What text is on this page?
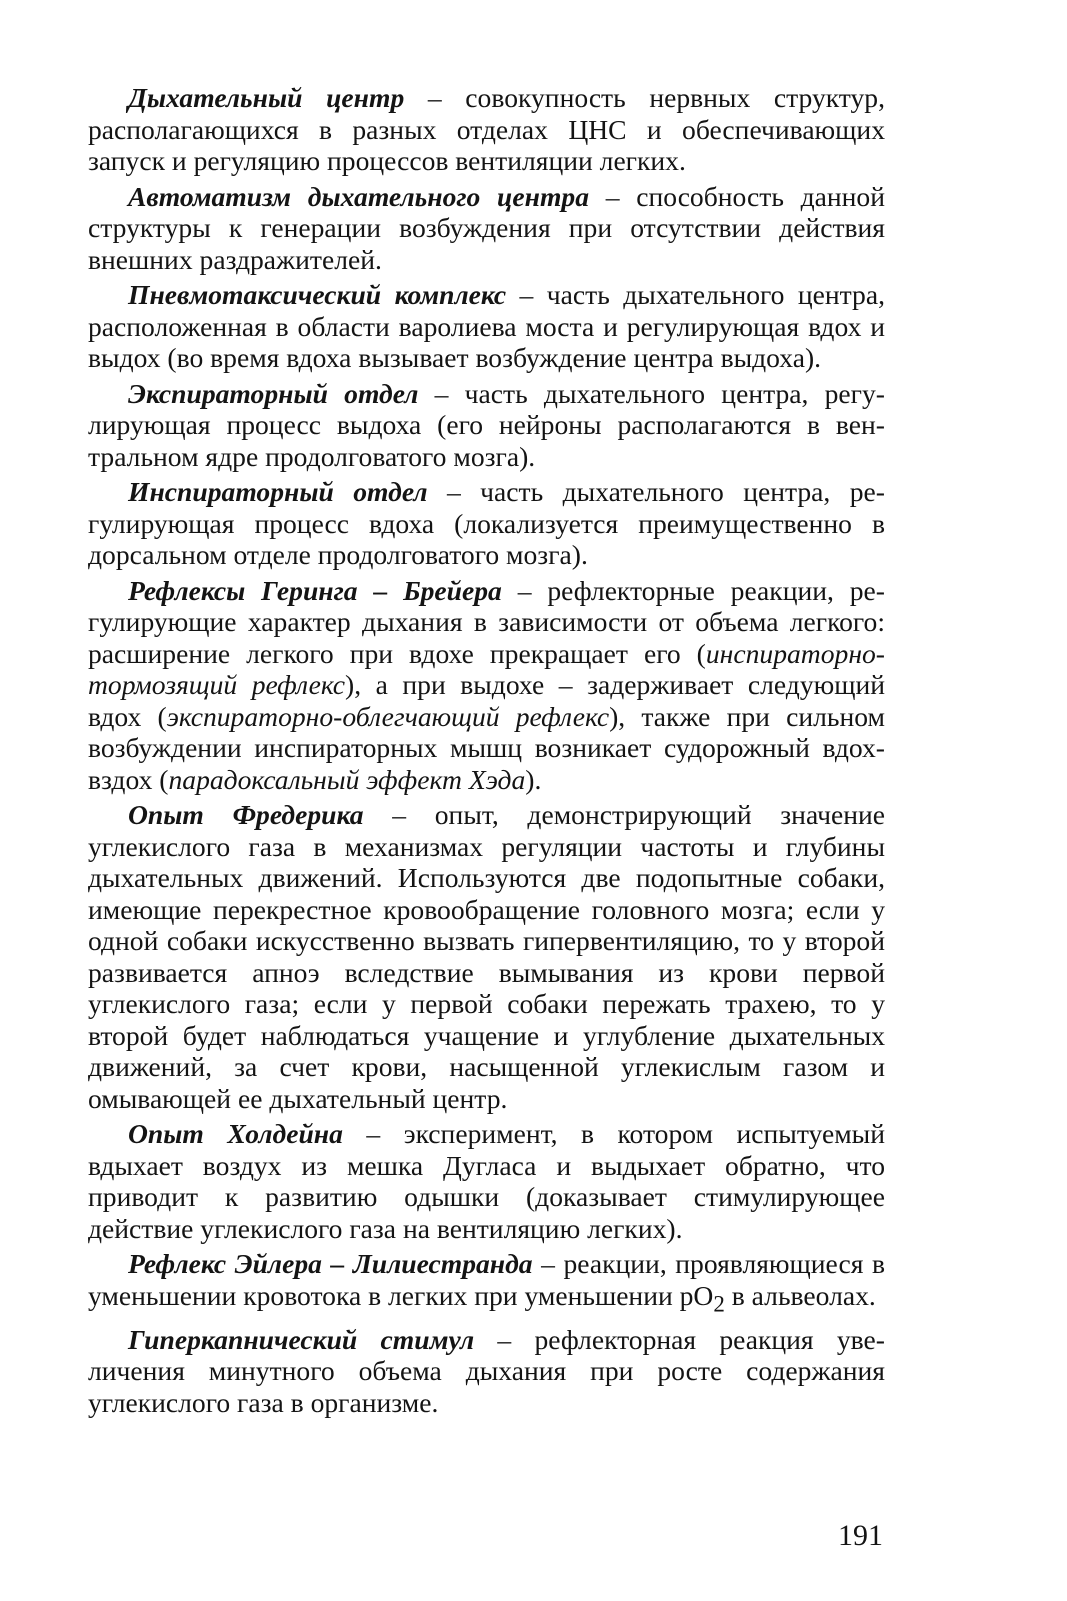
Дыхательный центр – совокупность нервных структур, располагающихся в разных отделах ЦНС и обеспечивающих запуск и регуляцию процессов вентиляции легких.

Автоматизм дыхательного центра – способность данной структуры к генерации возбуждения при отсутствии действия внешних раздражителей.

Пневмотаксический комплекс – часть дыхательного центра, расположенная в области варолиева моста и регулирующая вдох и выдох (во время вдоха вызывает возбуждение центра выдоха).

Экспираторный отдел – часть дыхательного центра, регулирующая процесс выдоха (его нейроны располагаются в вентральном ядре продолговатого мозга).

Инспираторный отдел – часть дыхательного центра, регулирующая процесс вдоха (локализуется преимущественно в дорсальном отделе продолговатого мозга).

Рефлексы Геринга – Брейера – рефлекторные реакции, регулирующие характер дыхания в зависимости от объема легкого: расширение легкого при вдохе прекращает его (инспираторно-тормозящий рефлекс), а при выдохе – задерживает следующий вдох (экспираторно-облегчающий рефлекс), также при сильном возбуждении инспираторных мышц возникает судорожный вдох-вздох (парадоксальный эффект Хэда).

Опыт Фредерика – опыт, демонстрирующий значение углекислого газа в механизмах регуляции частоты и глубины дыхательных движений. Используются две подопытные собаки, имеющие перекрестное кровообращение головного мозга; если у одной собаки искусственно вызвать гипервентиляцию, то у второй развивается апноэ вследствие вымывания из крови первой углекислого газа; если у первой собаки пережать трахею, то у второй будет наблюдаться учащение и углубление дыхательных движений, за счет крови, насыщенной углекислым газом и омывающей ее дыхательный центр.

Опыт Холдейна – эксперимент, в котором испытуемый вдыхает воздух из мешка Дугласа и выдыхает обратно, что приводит к развитию одышки (доказывает стимулирующее действие углекислого газа на вентиляцию легких).

Рефлекс Эйлера – Лилиестранда – реакции, проявляющиеся в уменьшении кровотока в легких при уменьшении $pO_2$ в альвеолах.

Гиперкапнический стимул – рефлекторная реакция увеличения минутного объема дыхания при росте содержания углекислого газа в организме.

191
